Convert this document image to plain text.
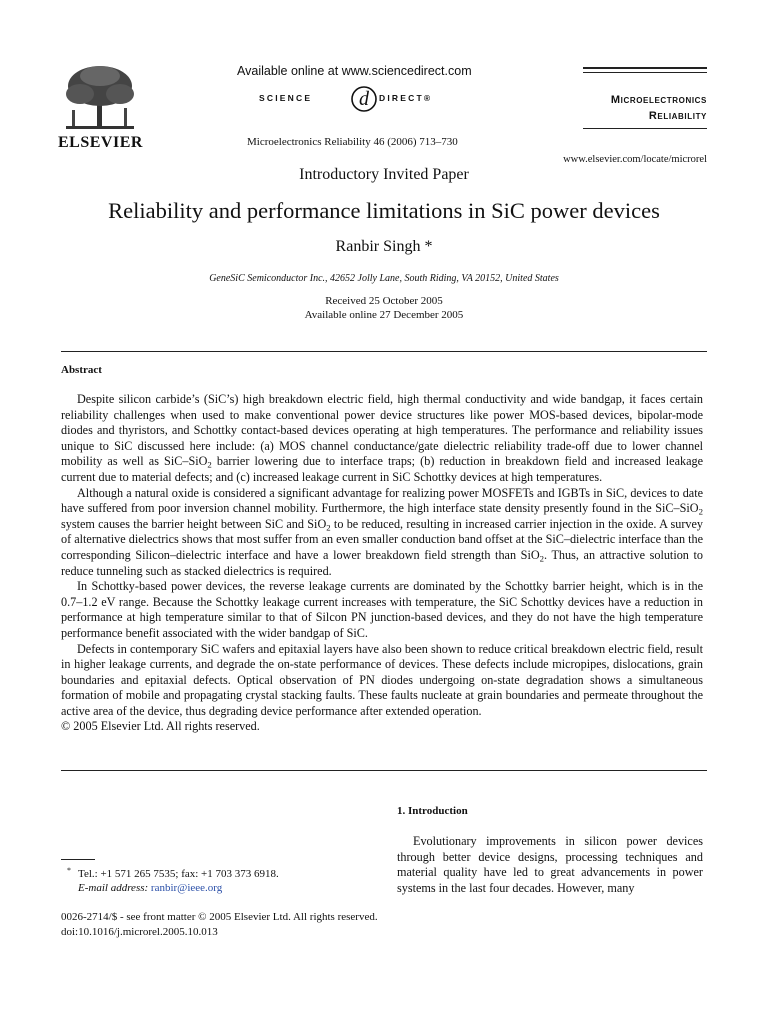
ELSEVIER
Available online at www.sciencedirect.com
SCIENCE d DIRECT®
Microelectronics Reliability 46 (2006) 713–730
Microelectronics
Reliability
www.elsevier.com/locate/microrel
Introductory Invited Paper
Reliability and performance limitations in SiC power devices
Ranbir Singh *
GeneSiC Semiconductor Inc., 42652 Jolly Lane, South Riding, VA 20152, United States
Received 25 October 2005
Available online 27 December 2005
Abstract

Despite silicon carbide’s (SiC’s) high breakdown electric field, high thermal conductivity and wide bandgap, it faces certain reliability challenges when used to make conventional power device structures like power MOS-based devices, bipolar-mode diodes and thyristors, and Schottky contact-based devices operating at high temperatures. The performance and reliability issues unique to SiC discussed here include: (a) MOS channel conductance/gate dielectric reliability trade-off due to lower channel mobility as well as SiC–SiO$_2$ barrier lowering due to interface traps; (b) reduction in breakdown field and increased leakage current due to material defects; and (c) increased leakage current in SiC Schottky devices at high temperatures.

Although a natural oxide is considered a significant advantage for realizing power MOSFETs and IGBTs in SiC, devices to date have suffered from poor inversion channel mobility. Furthermore, the high interface state density presently found in the SiC–SiO$_2$ system causes the barrier height between SiC and SiO$_2$ to be reduced, resulting in increased carrier injection in the oxide. A survey of alternative dielectrics shows that most suffer from an even smaller conduction band offset at the SiC–dielectric interface than the corresponding Silicon–dielectric interface and have a lower breakdown field strength than SiO$_2$. Thus, an attractive solution to reduce tunneling such as stacked dielectrics is required.

In Schottky-based power devices, the reverse leakage currents are dominated by the Schottky barrier height, which is in the 0.7–1.2 eV range. Because the Schottky leakage current increases with temperature, the SiC Schottky devices have a reduction in performance at high temperature similar to that of Silcon PN junction-based devices, and they do not have the high temperature performance benefit associated with the wider bandgap of SiC.

Defects in contemporary SiC wafers and epitaxial layers have also been shown to reduce critical breakdown electric field, result in higher leakage currents, and degrade the on-state performance of devices. These defects include micropipes, dislocations, grain boundaries and epitaxial defects. Optical observation of PN diodes undergoing on-state degradation shows a simultaneous formation of mobile and propagating crystal stacking faults. These faults nucleate at grain boundaries and permeate throughout the active area of the device, thus degrading device performance after extended operation.

© 2005 Elsevier Ltd. All rights reserved.

1. Introduction
Evolutionary improvements in silicon power devices through better device designs, processing techniques and material quality have led to great advancements in power systems in the last four decades. However, many
* Tel.: +1 571 265 7535; fax: +1 703 373 6918.
E-mail address: ranbir@ieee.org
0026-2714/$ - see front matter © 2005 Elsevier Ltd. All rights reserved.
doi:10.1016/j.microrel.2005.10.013
